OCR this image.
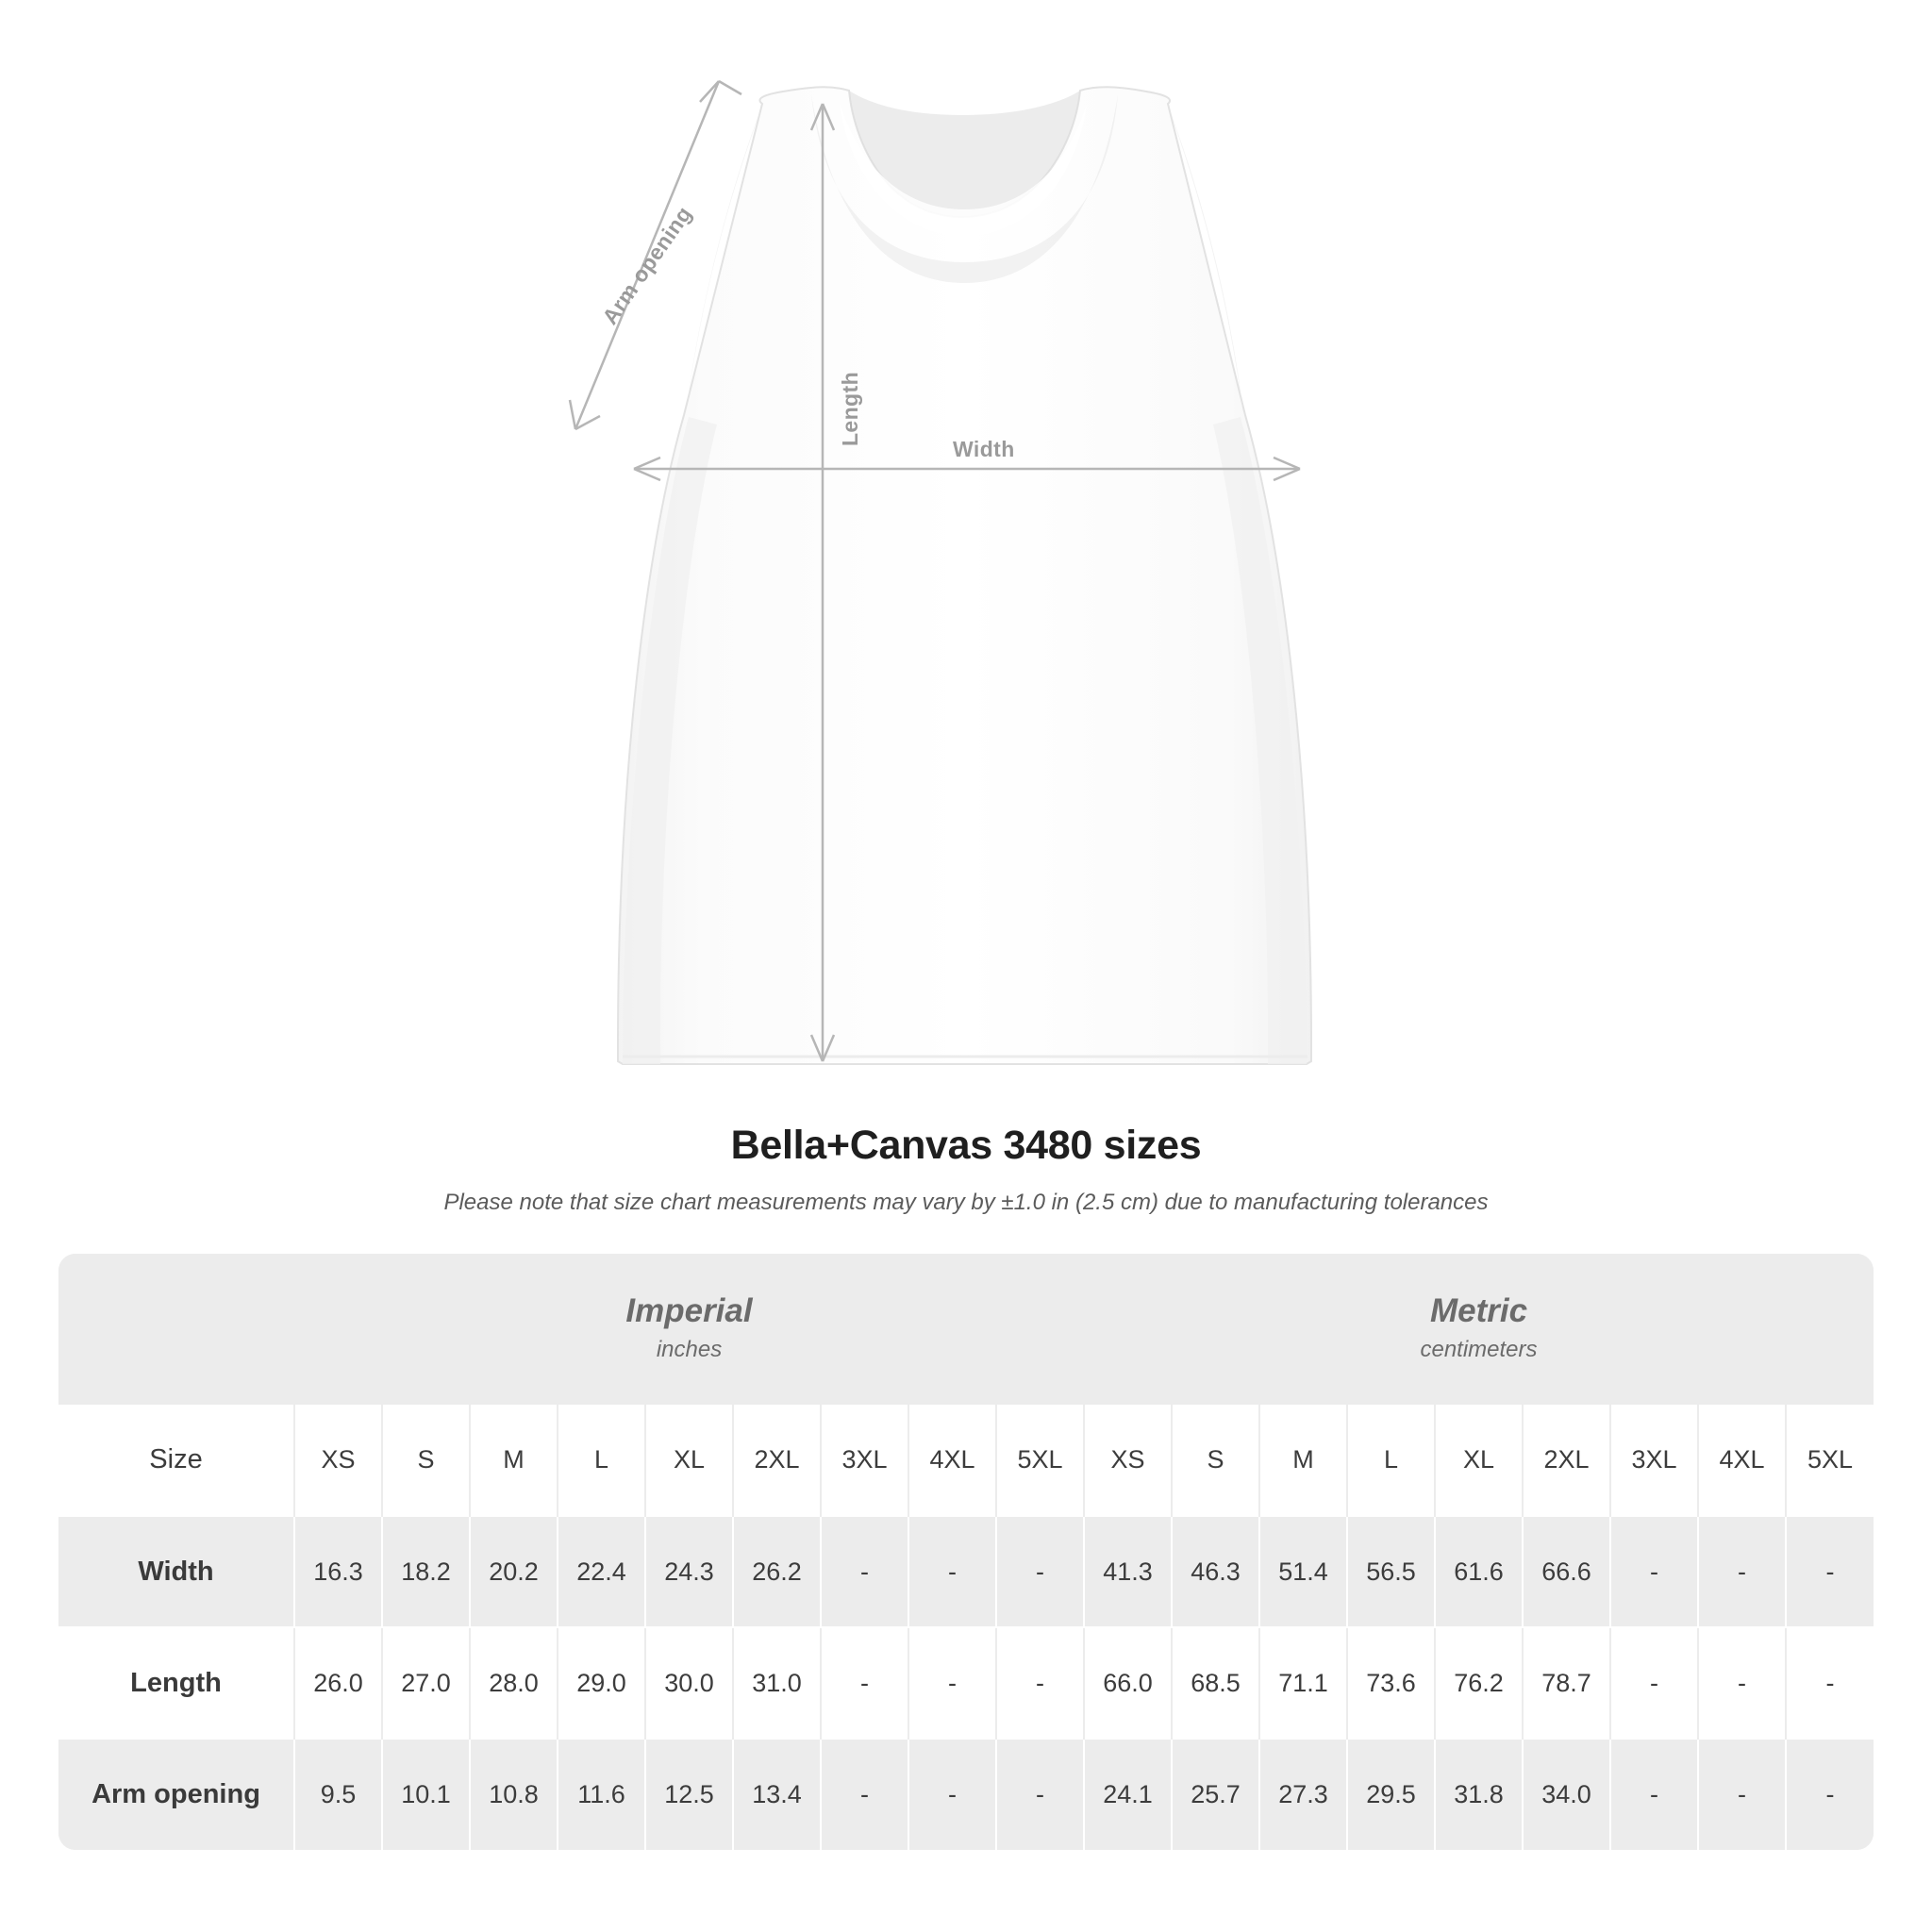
Arm opening
Length
Width
Bella+Canvas 3480 sizes
Please note that size chart measurements may vary by ±1.0 in (2.5 cm) due to manufacturing tolerances

Imperial
inches

Metric
centimeters

Size	XS	S	M	L	XL	2XL	3XL	4XL	5XL	XS	S	M	L	XL	2XL	3XL	4XL	5XL
Width	16.3	18.2	20.2	22.4	24.3	26.2	-	-	-	41.3	46.3	51.4	56.5	61.6	66.6	-	-	-
Length	26.0	27.0	28.0	29.0	30.0	31.0	-	-	-	66.0	68.5	71.1	73.6	76.2	78.7	-	-	-
Arm opening	9.5	10.1	10.8	11.6	12.5	13.4	-	-	-	24.1	25.7	27.3	29.5	31.8	34.0	-	-	-
